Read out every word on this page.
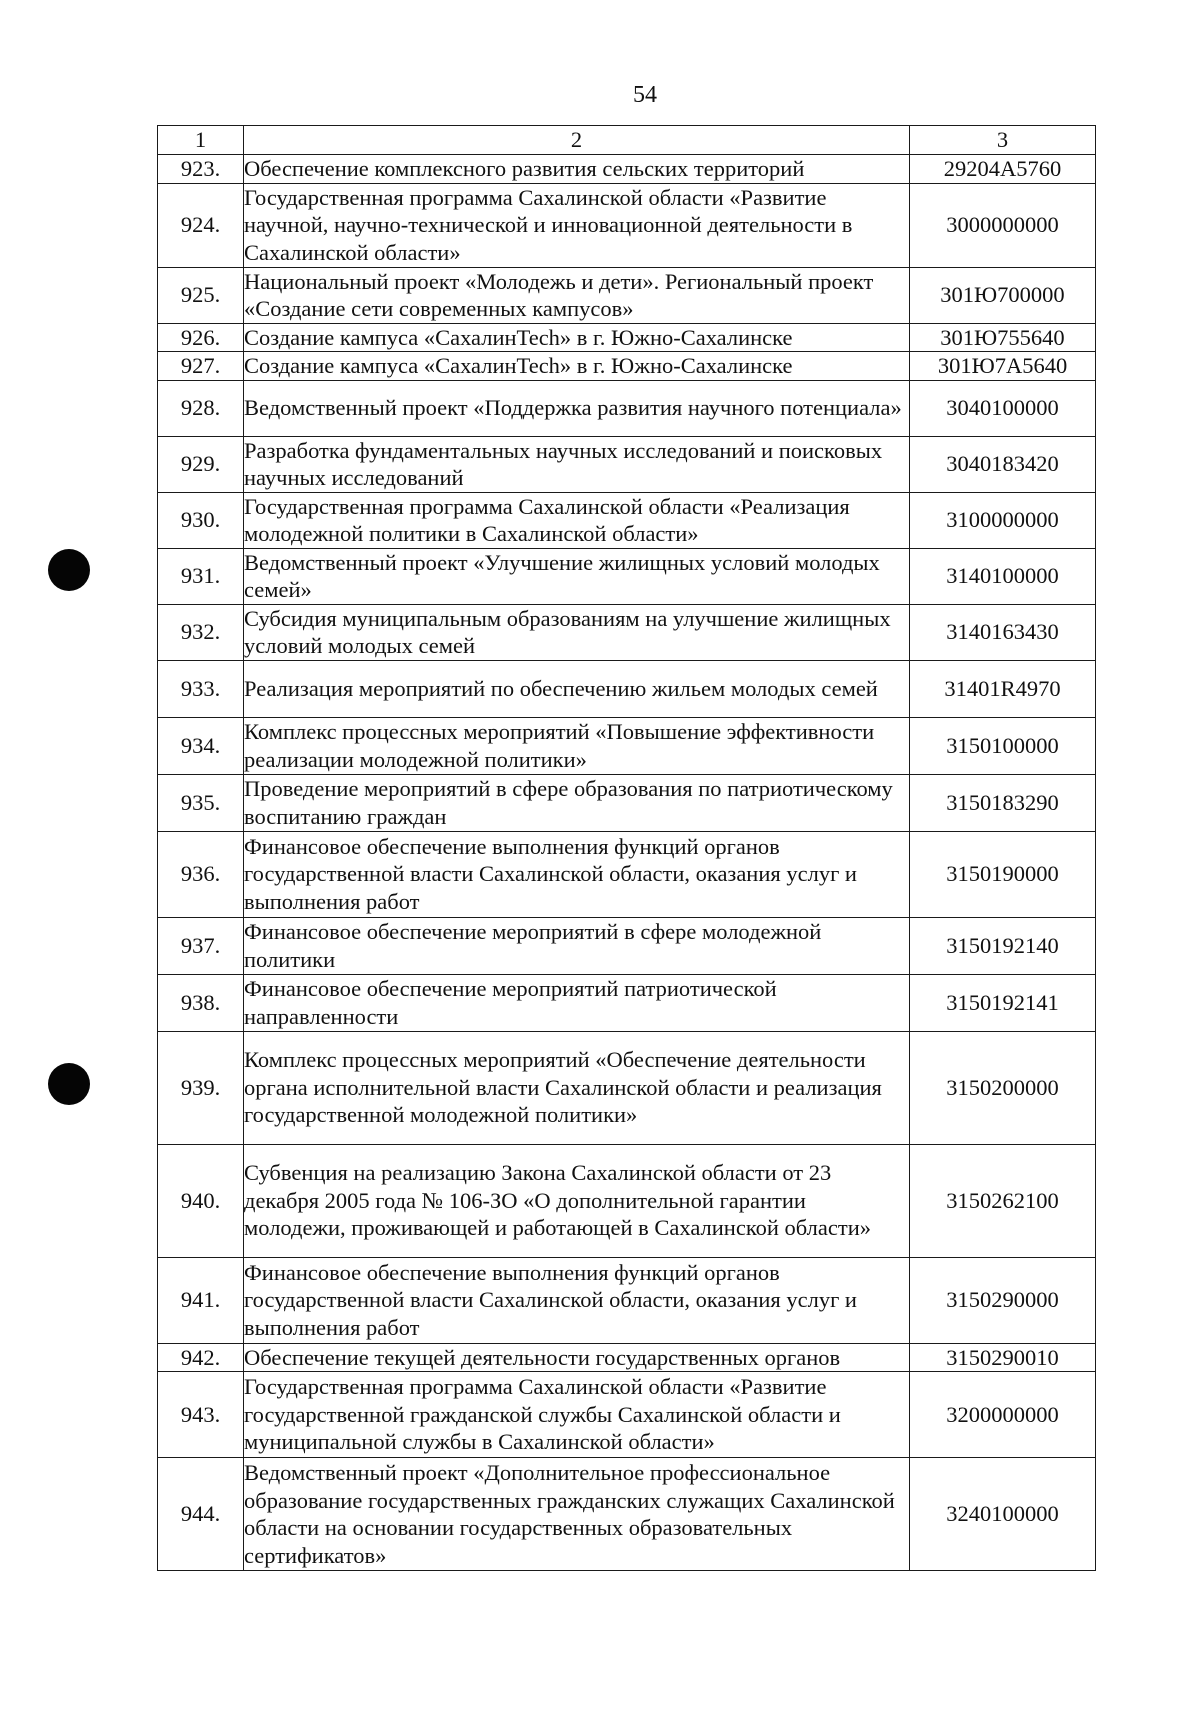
54
1	2	3
923.	Обеспечение комплексного развития сельских территорий	29204A5760
924.	Государственная программа Сахалинской области «Развитие научной, научно-технической и инновационной деятельности в Сахалинской области»	3000000000
925.	Национальный проект «Молодежь и дети». Региональный проект «Создание сети современных кампусов»	301Ю700000
926.	Создание кампуса «СахалинTech» в г. Южно-Сахалинске	301Ю755640
927.	Создание кампуса «СахалинTech» в г. Южно-Сахалинске	301Ю7А5640
928.	Ведомственный проект «Поддержка развития научного потенциала»	3040100000
929.	Разработка фундаментальных научных исследований и поисковых научных исследований	3040183420
930.	Государственная программа Сахалинской области «Реализация молодежной политики в Сахалинской области»	3100000000
931.	Ведомственный проект «Улучшение жилищных условий молодых семей»	3140100000
932.	Субсидия муниципальным образованиям на улучшение жилищных условий молодых семей	3140163430
933.	Реализация мероприятий по обеспечению жильем молодых семей	31401R4970
934.	Комплекс процессных мероприятий «Повышение эффективности реализации молодежной политики»	3150100000
935.	Проведение мероприятий в сфере образования по патриотическому воспитанию граждан	3150183290
936.	Финансовое обеспечение выполнения функций органов государственной власти Сахалинской области, оказания услуг и выполнения работ	3150190000
937.	Финансовое обеспечение мероприятий в сфере молодежной политики	3150192140
938.	Финансовое обеспечение мероприятий патриотической направленности	3150192141
939.	Комплекс процессных мероприятий «Обеспечение деятельности органа исполнительной власти Сахалинской области и реализация государственной молодежной политики»	3150200000
940.	Субвенция на реализацию Закона Сахалинской области от 23 декабря 2005 года № 106-ЗО «О дополнительной гарантии молодежи, проживающей и работающей в Сахалинской области»	3150262100
941.	Финансовое обеспечение выполнения функций органов государственной власти Сахалинской области, оказания услуг и выполнения работ	3150290000
942.	Обеспечение текущей деятельности государственных органов	3150290010
943.	Государственная программа Сахалинской области «Развитие государственной гражданской службы Сахалинской области и муниципальной службы в Сахалинской области»	3200000000
944.	Ведомственный проект «Дополнительное профессиональное образование государственных гражданских служащих Сахалинской области на основании государственных образовательных сертификатов»	3240100000
